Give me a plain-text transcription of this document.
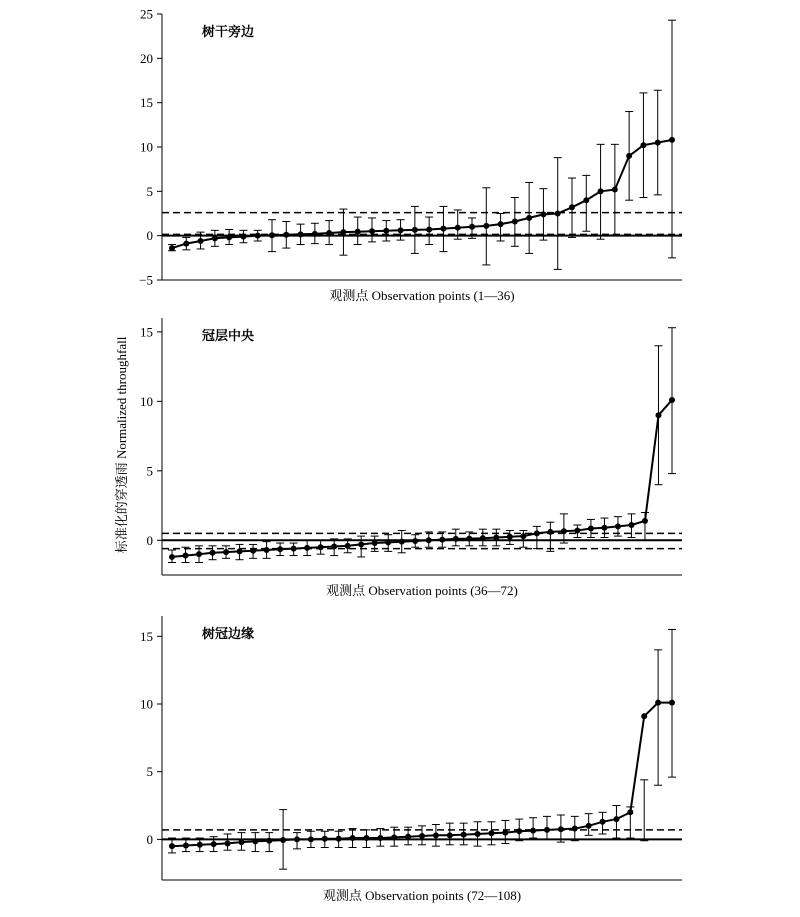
标准化的穿透雨 Normalized throughfall
−5
0
5
10
15
20
25
树干旁边
观测点 Observation points (1—36)
0
5
10
15	冠层中央
观测点 Observation points (36—72)
0
5
10
15	树冠边缘
观测点 Observation points (72—108)
